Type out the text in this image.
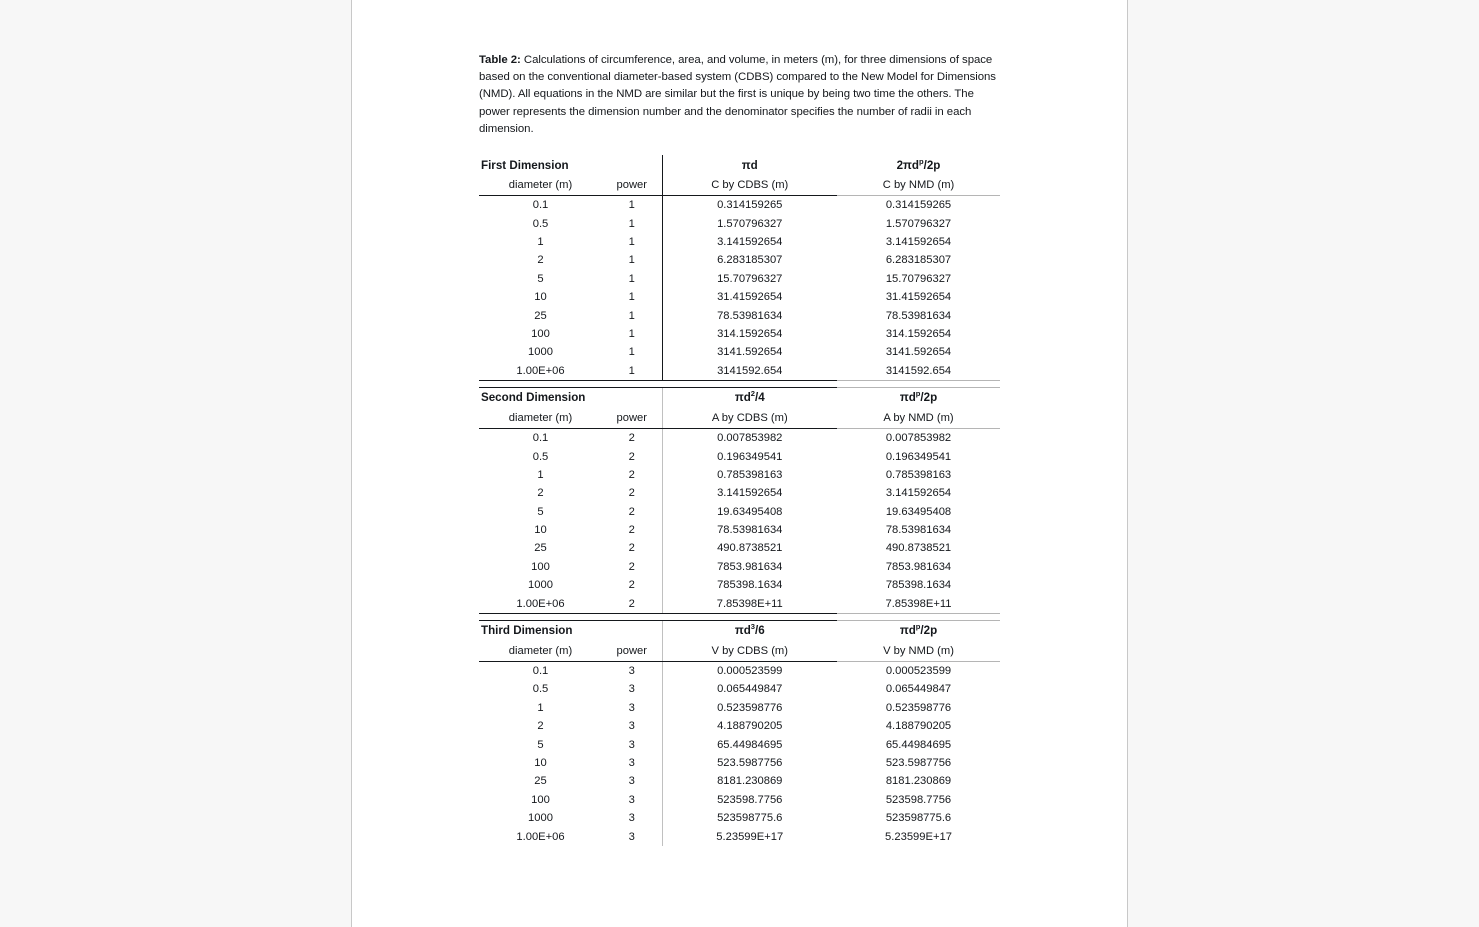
Table 2: Calculations of circumference, area, and volume, in meters (m), for three dimensions of space based on the conventional diameter-based system (CDBS) compared to the New Model for Dimensions (NMD). All equations in the NMD are similar but the first is unique by being two time the others. The power represents the dimension number and the denominator specifies the number of radii in each dimension.

First Dimension		πd	$2\pi d^p/2p$
diameter (m)	power	C by CDBS (m)	C by NMD (m)
0.1	1	0.314159265	0.314159265
0.5	1	1.570796327	1.570796327
1	1	3.141592654	3.141592654
2	1	6.283185307	6.283185307
5	1	15.70796327	15.70796327
10	1	31.41592654	31.41592654
25	1	78.53981634	78.53981634
100	1	314.1592654	314.1592654
1000	1	3141.592654	3141.592654
1.00E+06	1	3141592.654	3141592.654

Second Dimension		$\pi d^2/4$	$\pi d^p/2p$
diameter (m)	power	A by CDBS (m)	A by NMD (m)
0.1	2	0.007853982	0.007853982
0.5	2	0.196349541	0.196349541
1	2	0.785398163	0.785398163
2	2	3.141592654	3.141592654
5	2	19.63495408	19.63495408
10	2	78.53981634	78.53981634
25	2	490.8738521	490.8738521
100	2	7853.981634	7853.981634
1000	2	785398.1634	785398.1634
1.00E+06	2	7.85398E+11	7.85398E+11

Third Dimension		$\pi d^3/6$	$\pi d^p/2p$
diameter (m)	power	V by CDBS (m)	V by NMD (m)
0.1	3	0.000523599	0.000523599
0.5	3	0.065449847	0.065449847
1	3	0.523598776	0.523598776
2	3	4.188790205	4.188790205
5	3	65.44984695	65.44984695
10	3	523.5987756	523.5987756
25	3	8181.230869	8181.230869
100	3	523598.7756	523598.7756
1000	3	523598775.6	523598775.6
1.00E+06	3	5.23599E+17	5.23599E+17
